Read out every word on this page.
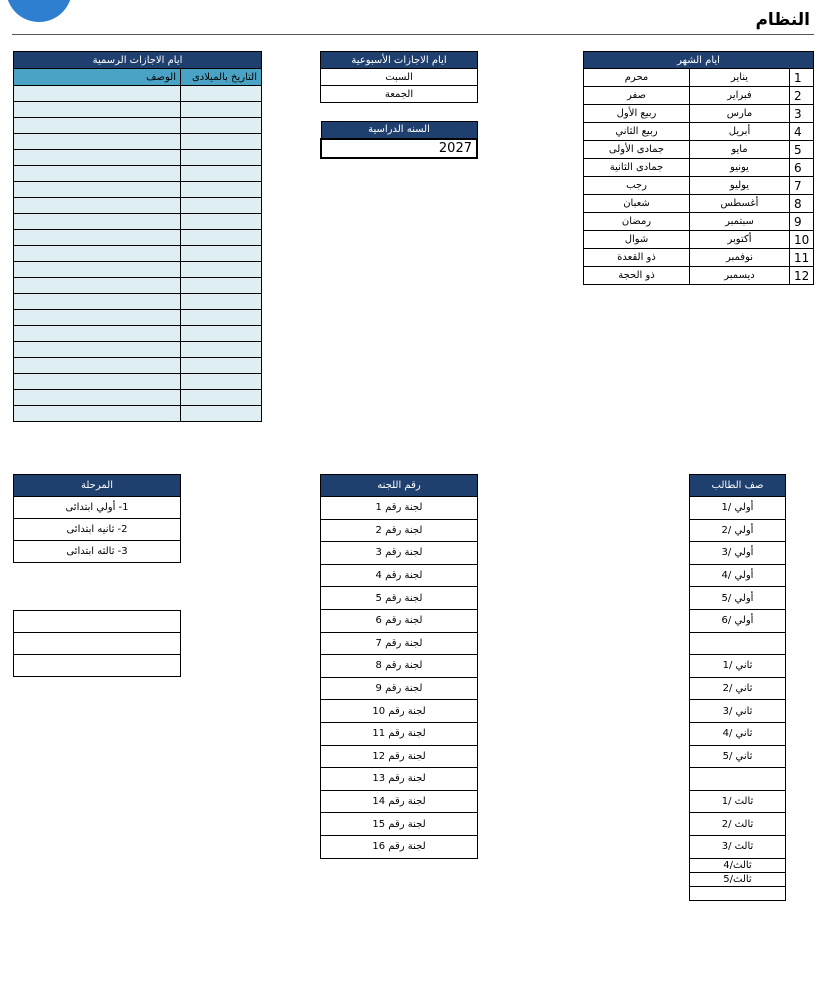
النظام
ايام الشهر		
محرم	يناير	1
صفر	فبراير	2
ربيع الأول	مارس	3
ربيع الثاني	أبريل	4
جمادى الأولى	مايو	5
جمادى الثانية	يونيو	6
رجب	يوليو	7
شعبان	أغسطس	8
رمضان	سبتمبر	9
شوال	أكتوبر	10
ذو القعدة	نوفمبر	11
ذو الحجة	ديسمبر	12
ايام الاجازات الأسبوعية
السبت
الجمعة
السنه الدراسية
2027
ايام الاجازات الرسمية	
الوصف	التاريخ بالميلادى

المرحلة
1- أولي ابتدائى
2- ثانيه ابتدائى
3- ثالثه ابتدائى

رقم اللجنه
لجنة رقم 1
لجنة رقم 2
لجنة رقم 3
لجنة رقم 4
لجنة رقم 5
لجنة رقم 6
لجنة رقم 7
لجنة رقم 8
لجنة رقم 9
لجنة رقم 10
لجنة رقم 11
لجنة رقم 12
لجنة رقم 13
لجنة رقم 14
لجنة رقم 15
لجنة رقم 16
صف الطالب
أولي /1
أولي /2
أولي /3
أولي /4
أولي /5
أولي /6

ثاني /1
ثاني /2
ثاني /3
ثاني /4
ثاني /5

ثالث /1
ثالث /2
ثالث /3
ثالث/4
ثالث/5
